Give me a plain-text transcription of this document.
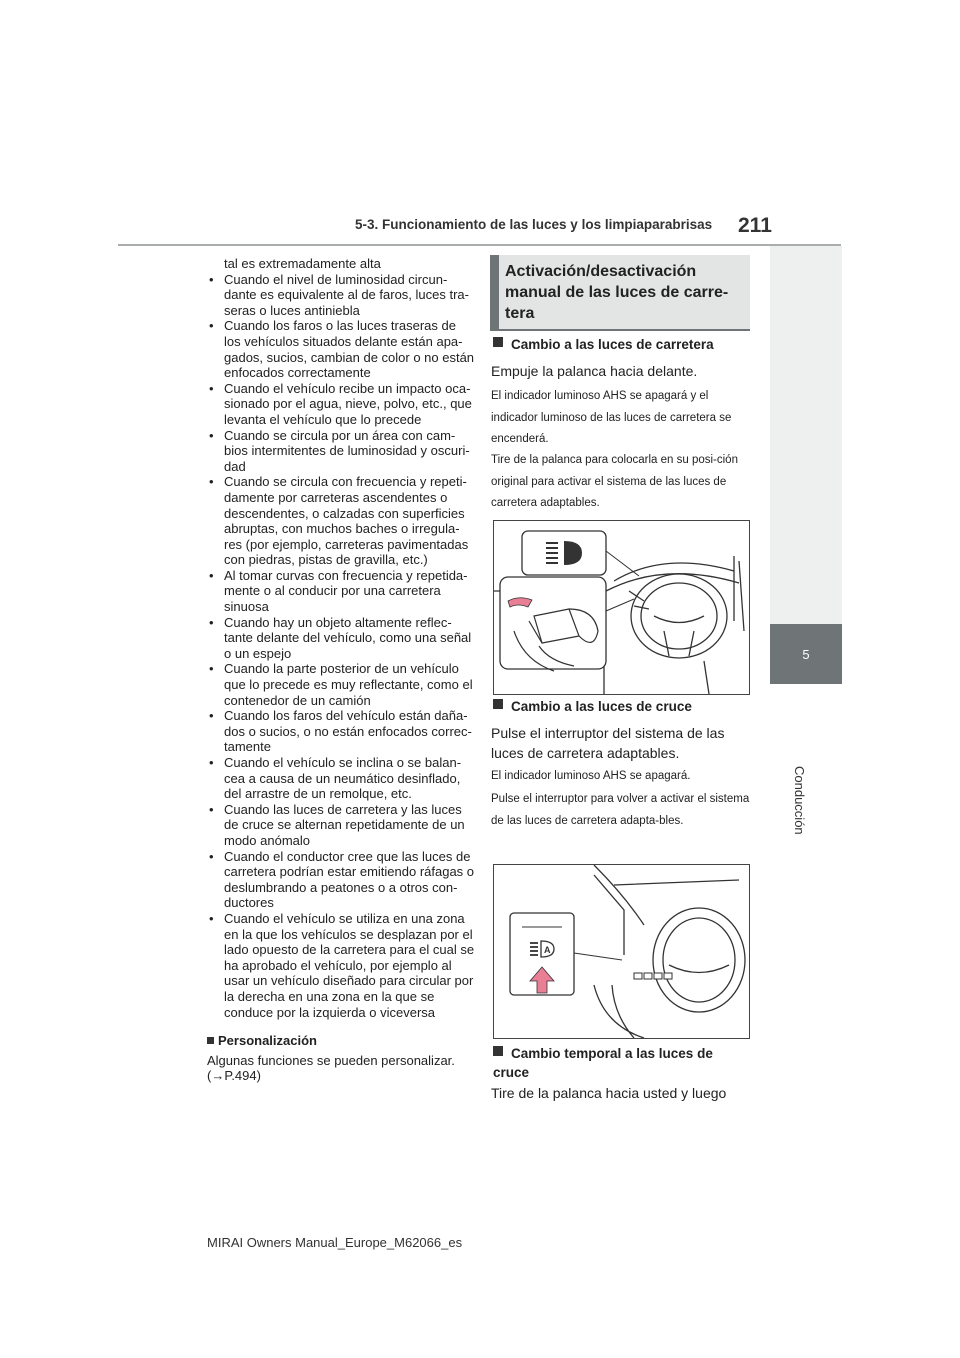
5-3. Funcionamiento de las luces y los limpiaparabrisas 211
5
Conducción
tal es extremadamente alta
• Cuando el nivel de luminosidad circun-dante es equivalente al de faros, luces tra-seras o luces antiniebla
• Cuando los faros o las luces traseras de los vehículos situados delante están apa-gados, sucios, cambian de color o no están enfocados correctamente
• Cuando el vehículo recibe un impacto oca-sionado por el agua, nieve, polvo, etc., que levanta el vehículo que lo precede
• Cuando se circula por un área con cam-bios intermitentes de luminosidad y oscuri-dad
• Cuando se circula con frecuencia y repeti-damente por carreteras ascendentes o descendentes, o calzadas con superficies abruptas, con muchos baches o irregula-res (por ejemplo, carreteras pavimentadas con piedras, pistas de gravilla, etc.)
• Al tomar curvas con frecuencia y repetida-mente o al conducir por una carretera sinuosa
• Cuando hay un objeto altamente reflec-tante delante del vehículo, como una señal o un espejo
• Cuando la parte posterior de un vehículo que lo precede es muy reflectante, como el contenedor de un camión
• Cuando los faros del vehículo están daña-dos o sucios, o no están enfocados correc-tamente
• Cuando el vehículo se inclina o se balan-cea a causa de un neumático desinflado, del arrastre de un remolque, etc.
• Cuando las luces de carretera y las luces de cruce se alternan repetidamente de un modo anómalo
• Cuando el conductor cree que las luces de carretera podrían estar emitiendo ráfagas o deslumbrando a peatones o a otros con-ductores
• Cuando el vehículo se utiliza en una zona en la que los vehículos se desplazan por el lado opuesto de la carretera para el cual se ha aprobado el vehículo, por ejemplo al usar un vehículo diseñado para circular por la derecha en una zona en la que se conduce por la izquierda o viceversa
Personalización
Algunas funciones se pueden personalizar.
(→P.494)
Activación/desactivación manual de las luces de carre-tera
Cambio a las luces de carretera
Empuje la palanca hacia delante.
El indicador luminoso AHS se apagará y el indicador luminoso de las luces de carretera se encenderá.
Tire de la palanca para colocarla en su posi-ción original para activar el sistema de las luces de carretera adaptables.
Cambio a las luces de cruce
Pulse el interruptor del sistema de las luces de carretera adaptables.
El indicador luminoso AHS se apagará.
Pulse el interruptor para volver a activar el sistema de las luces de carretera adapta-bles.
A
Cambio temporal a las luces de cruce
Tire de la palanca hacia usted y luego
MIRAI Owners Manual_Europe_M62066_es
